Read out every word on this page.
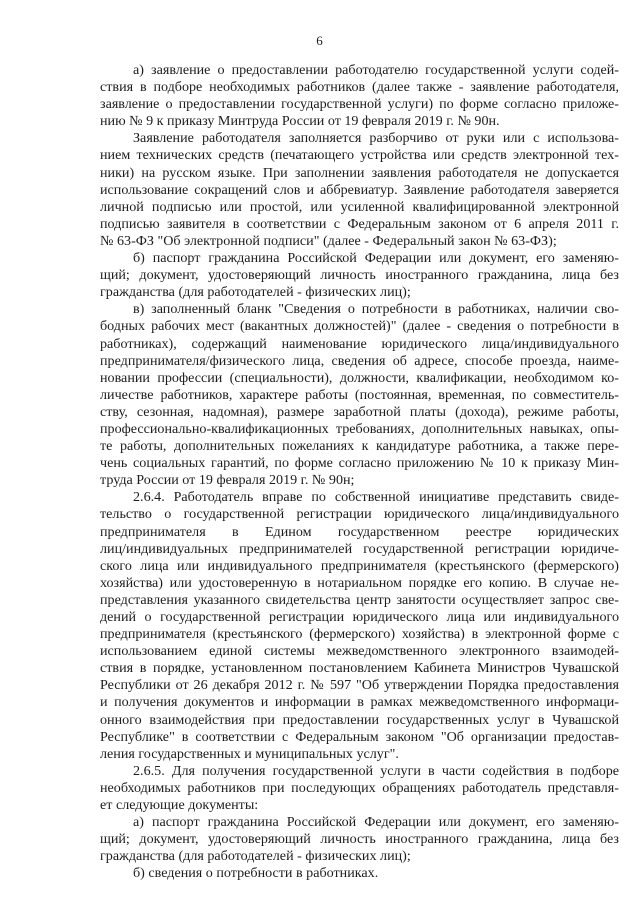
6
а) заявление о предоставлении работодателю государственной услуги содей-
ствия в подборе необходимых работников (далее также - заявление работодателя,
заявление о предоставлении государственной услуги) по форме согласно приложе-
нию № 9 к приказу Минтруда России от 19 февраля 2019 г. № 90н.
Заявление работодателя заполняется разборчиво от руки или с использова-
нием технических средств (печатающего устройства или средств электронной тех-
ники) на русском языке. При заполнении заявления работодателя не допускается
использование сокращений слов и аббревиатур. Заявление работодателя заверяется
личной подписью или простой, или усиленной квалифицированной электронной
подписью заявителя в соответствии с Федеральным законом от 6 апреля 2011 г.
№ 63-ФЗ "Об электронной подписи" (далее - Федеральный закон № 63-ФЗ);
б) паспорт гражданина Российской Федерации или документ, его заменяю-
щий; документ, удостоверяющий личность иностранного гражданина, лица без
гражданства (для работодателей - физических лиц);
в) заполненный бланк "Сведения о потребности в работниках, наличии сво-
бодных рабочих мест (вакантных должностей)" (далее - сведения о потребности в
работниках), содержащий наименование юридического лица/индивидуального
предпринимателя/физического лица, сведения об адресе, способе проезда, наиме-
новании профессии (специальности), должности, квалификации, необходимом ко-
личестве работников, характере работы (постоянная, временная, по совместитель-
ству, сезонная, надомная), размере заработной платы (дохода), режиме работы,
профессионально-квалификационных требованиях, дополнительных навыках, опы-
те работы, дополнительных пожеланиях к кандидатуре работника, а также пере-
чень социальных гарантий, по форме согласно приложению № 10 к приказу Мин-
труда России от 19 февраля 2019 г. № 90н;
2.6.4. Работодатель вправе по собственной инициативе представить свиде-
тельство о государственной регистрации юридического лица/индивидуального
предпринимателя в Едином государственном реестре юридических
лиц/индивидуальных предпринимателей государственной регистрации юридиче-
ского лица или индивидуального предпринимателя (крестьянского (фермерского)
хозяйства) или удостоверенную в нотариальном порядке его копию. В случае не-
представления указанного свидетельства центр занятости осуществляет запрос све-
дений о государственной регистрации юридического лица или индивидуального
предпринимателя (крестьянского (фермерского) хозяйства) в электронной форме с
использованием единой системы межведомственного электронного взаимодей-
ствия в порядке, установленном постановлением Кабинета Министров Чувашской
Республики от 26 декабря 2012 г. № 597 "Об утверждении Порядка предоставления
и получения документов и информации в рамках межведомственного информаци-
онного взаимодействия при предоставлении государственных услуг в Чувашской
Республике" в соответствии с Федеральным законом "Об организации предостав-
ления государственных и муниципальных услуг".
2.6.5. Для получения государственной услуги в части содействия в подборе
необходимых работников при последующих обращениях работодатель представля-
ет следующие документы:
а) паспорт гражданина Российской Федерации или документ, его заменяю-
щий; документ, удостоверяющий личность иностранного гражданина, лица без
гражданства (для работодателей - физических лиц);
б) сведения о потребности в работниках.
